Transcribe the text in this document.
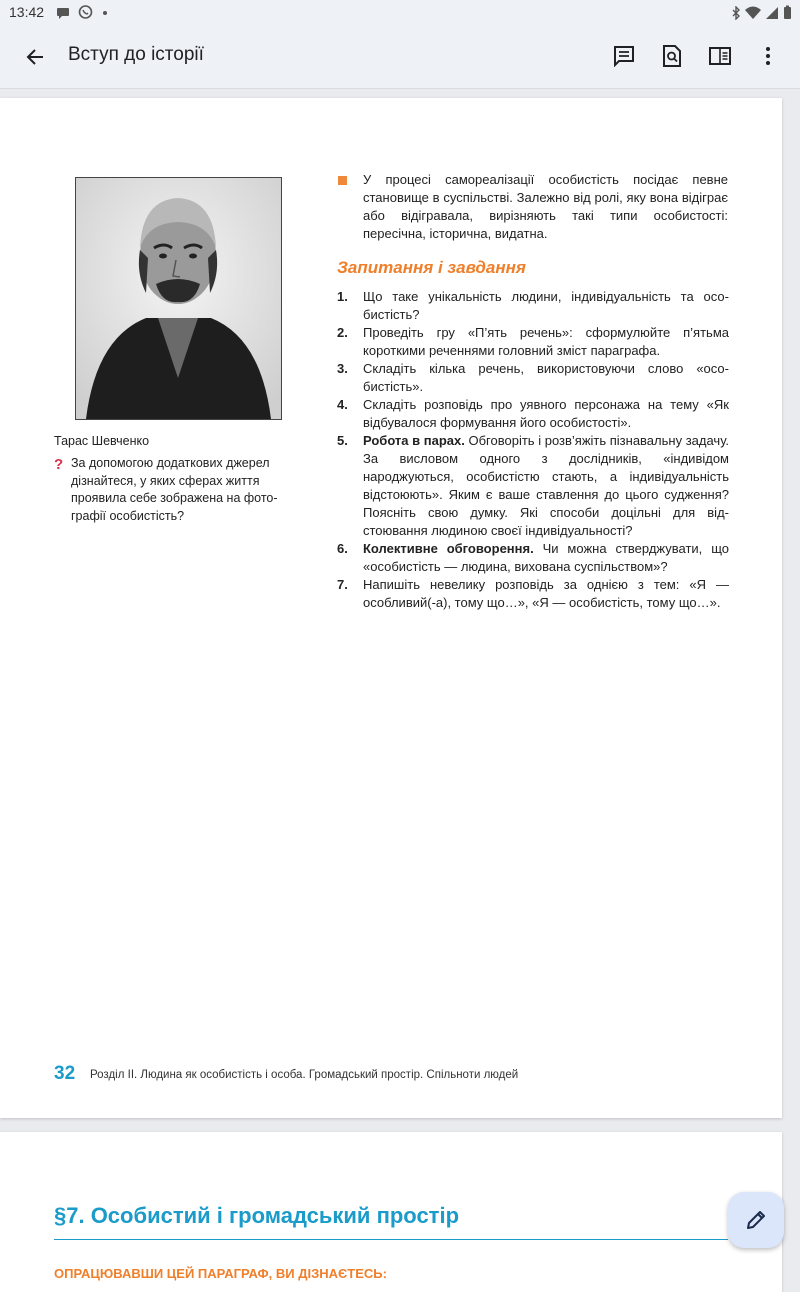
13:42
Вступ до історії
Тарас Шевченко
? За допомогою додаткових джерел дізнайтеся, у яких сферах життя проявила себе зображена на фотографії особистість?
У процесі самореалізації особистість посідає певне становище в суспільстві. Залежно від ролі, яку вона відіграє або відігравала, вирізняють такі типи особистості: пересічна, історична, видатна.
Запитання і завдання
1. Що таке унікальність людини, індивідуальність та особистість?
2. Проведіть гру «П’ять речень»: сформулюйте п’ятьма короткими реченнями головний зміст параграфа.
3. Складіть кілька речень, використовуючи слово «особистість».
4. Складіть розповідь про уявного персонажа на тему «Як відбувалося формування його особистості».
5. Робота в парах. Обговоріть і розв’яжіть пізнавальну задачу. За висловом одного з дослідників, «індивідом народжуються, особистістю стають, а індивідуальність відстоюють». Яким є ваше ставлення до цього судження? Поясніть свою думку. Які способи доцільні для відстоювання людиною своєї індивідуальності?
6. Колективне обговорення. Чи можна стверджувати, що «особистість — людина, вихована суспільством»?
7. Напишіть невелику розповідь за однією з тем: «Я — особливий(-а), тому що…», «Я — особистість, тому що…».
32 Розділ ІІ. Людина як особистість і особа. Громадський простір. Спільноти людей
§7. Особистий і громадський простір
ОПРАЦЮВАВШИ ЦЕЙ ПАРАГРАФ, ВИ ДІЗНАЄТЕСЬ:
